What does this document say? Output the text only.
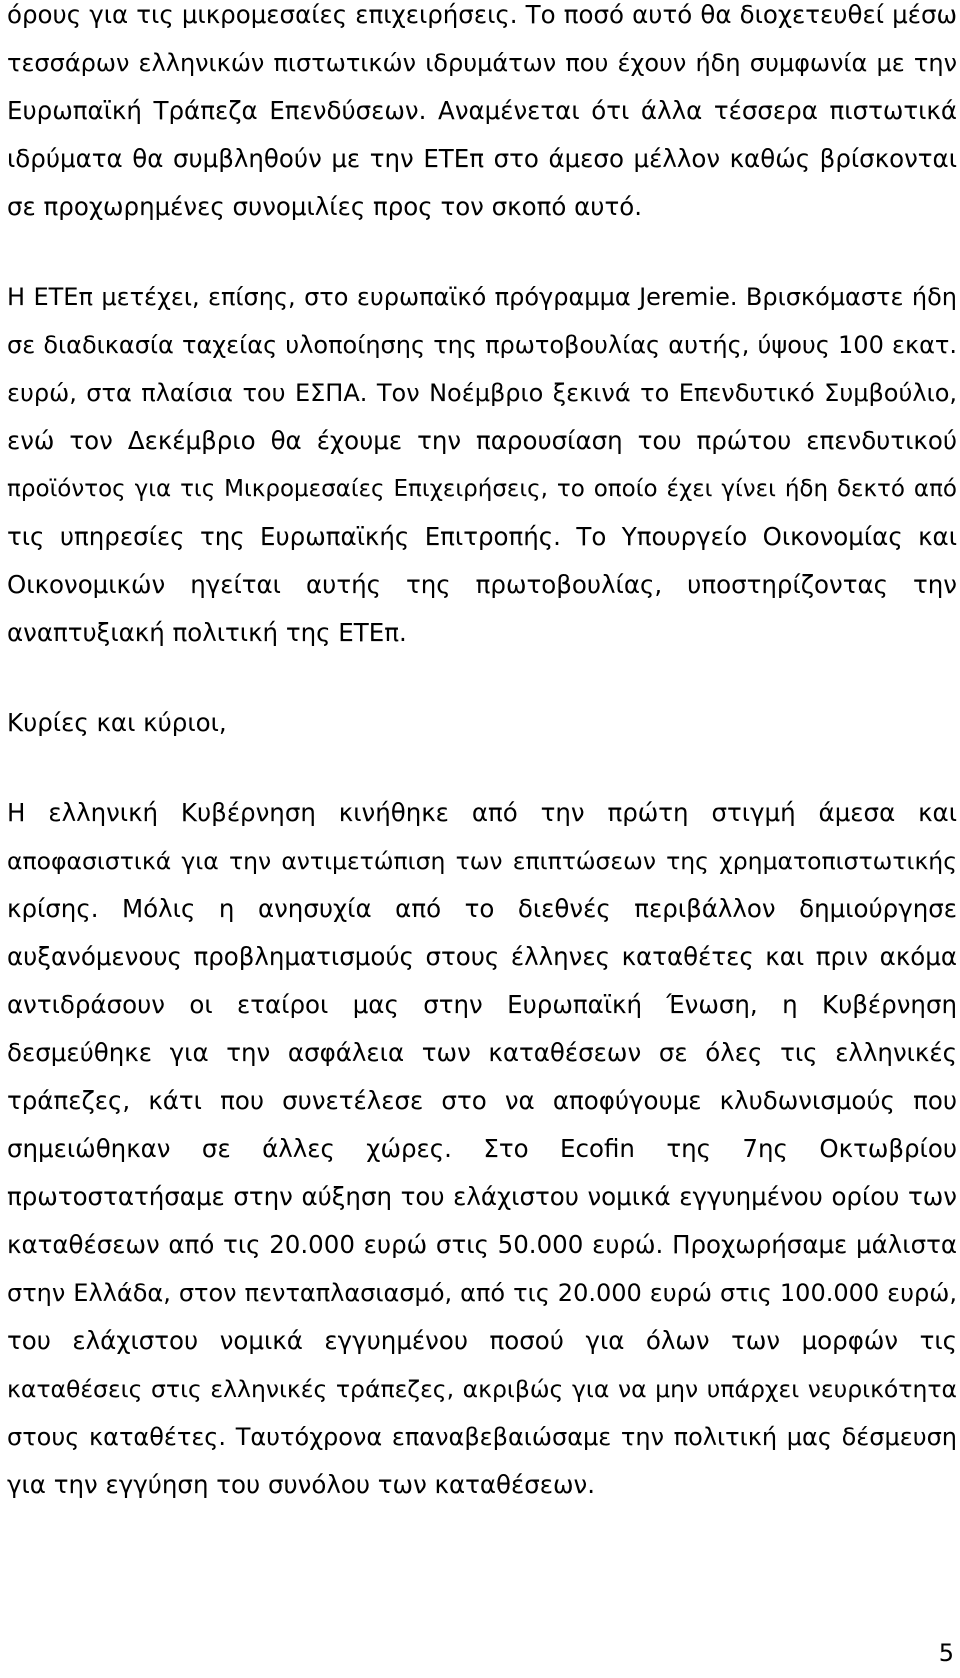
όρους για τις μικρομεσαίες επιχειρήσεις. Το ποσό αυτό θα διοχετευθεί μέσω
τεσσάρων ελληνικών πιστωτικών ιδρυμάτων που έχουν ήδη συμφωνία με την
Ευρωπαϊκή Τράπεζα Επενδύσεων. Αναμένεται ότι άλλα τέσσερα πιστωτικά
ιδρύματα θα συμβληθούν με την ΕΤΕπ στο άμεσο μέλλον καθώς βρίσκονται
σε προχωρημένες συνομιλίες προς τον σκοπό αυτό.
Η ΕΤΕπ μετέχει, επίσης, στο ευρωπαϊκό πρόγραμμα Jeremie. Βρισκόμαστε ήδη
σε διαδικασία ταχείας υλοποίησης της πρωτοβουλίας αυτής, ύψους 100 εκατ.
ευρώ, στα πλαίσια του ΕΣΠΑ. Τον Νοέμβριο ξεκινά το Επενδυτικό Συμβούλιο,
ενώ τον Δεκέμβριο θα έχουμε την παρουσίαση του πρώτου επενδυτικού
προϊόντος για τις Μικρομεσαίες Επιχειρήσεις, το οποίο έχει γίνει ήδη δεκτό από
τις υπηρεσίες της Ευρωπαϊκής Επιτροπής. Το Υπουργείο Οικονομίας και
Οικονομικών ηγείται αυτής της πρωτοβουλίας, υποστηρίζοντας την
αναπτυξιακή πολιτική της ΕΤΕπ.
Κυρίες και κύριοι,
Η ελληνική Κυβέρνηση κινήθηκε από την πρώτη στιγμή άμεσα και
αποφασιστικά για την αντιμετώπιση των επιπτώσεων της χρηματοπιστωτικής
κρίσης. Μόλις η ανησυχία από το διεθνές περιβάλλον δημιούργησε
αυξανόμενους προβληματισμούς στους έλληνες καταθέτες και πριν ακόμα
αντιδράσουν οι εταίροι μας στην Ευρωπαϊκή Ένωση, η Κυβέρνηση
δεσμεύθηκε για την ασφάλεια των καταθέσεων σε όλες τις ελληνικές
τράπεζες, κάτι που συνετέλεσε στο να αποφύγουμε κλυδωνισμούς που
σημειώθηκαν σε άλλες χώρες. Στο Ecofin της 7ης Οκτωβρίου
πρωτοστατήσαμε στην αύξηση του ελάχιστου νομικά εγγυημένου ορίου των
καταθέσεων από τις 20.000 ευρώ στις 50.000 ευρώ. Προχωρήσαμε μάλιστα
στην Ελλάδα, στον πενταπλασιασμό, από τις 20.000 ευρώ στις 100.000 ευρώ,
του ελάχιστου νομικά εγγυημένου ποσού για όλων των μορφών τις
καταθέσεις στις ελληνικές τράπεζες, ακριβώς για να μην υπάρχει νευρικότητα
στους καταθέτες. Ταυτόχρονα επαναβεβαιώσαμε την πολιτική μας δέσμευση
για την εγγύηση του συνόλου των καταθέσεων.
5
